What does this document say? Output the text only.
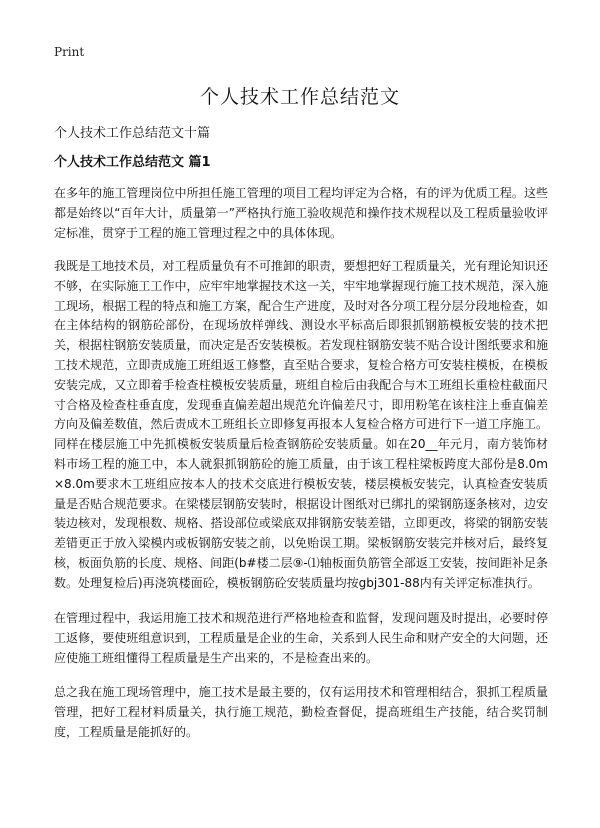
Print
个人技术工作总结范文

个人技术工作总结范文十篇

个人技术工作总结范文 篇1

在多年的施工管理岗位中所担任施工管理的项目工程均评定为合格，有的评为优质工程。这些都是始终以“百年大计，质量第一”严格执行施工验收规范和操作技术规程以及工程质量验收评定标准，贯穿于工程的施工管理过程之中的具体体现。

我既是工地技术员，对工程质量负有不可推卸的职责，要想把好工程质量关，光有理论知识还不够，在实际施工工作中，应牢牢地掌握技术这一关，牢牢地掌握现行施工技术规范，深入施工现场，根据工程的特点和施工方案，配合生产进度，及时对各分项工程分层分段地检查，如在主体结构的钢筋砼部份，在现场放样弹线、测设水平标高后即狠抓钢筋模板安装的技术把关，根据柱钢筋安装质量，而决定是否安装模板。若发现柱钢筋安装不贴合设计图纸要求和施工技术规范，立即责成施工班组返工修整，直至贴合要求，复检合格方可安装柱模板，在模板安装完成，又立即着手检查柱模板安装质量，班组自检后由我配合与木工班组长重检柱截面尺寸合格及检查柱垂直度，发现垂直偏差超出规范允许偏差尺寸，即用粉笔在该柱注上垂直偏差方向及偏差数值，然后责成木工班组长立即修复再报本人复检合格方可进行下一道工序施工。同样在楼层施工中先抓模板安装质量后检查钢筋砼安装质量。如在20__年元月，南方装饰材料市场工程的施工中，本人就狠抓钢筋砼的施工质量，由于该工程柱梁板跨度大部份是8.0m×8.0m要求木工班组应按本人的技术交底进行模板安装，楼层模板安装完，认真检查安装质量是否贴合规范要求。在梁楼层钢筋安装时，根据设计图纸对已绑扎的梁钢筋逐条核对，边安装边核对，发现根数、规格、搭设部位或梁底双排钢筋安装差错，立即更改，将梁的钢筋安装差错更正于放入梁模内或板钢筋安装之前，以免贻误工期。梁板钢筋安装完并核对后，最终复核，板面负筋的长度、规格、间距(b#楼二层⑨-⑴轴板面负筋管全部返工安装，按间距补足条数。处理复检后)再浇筑楼面砼，模板钢筋砼安装质量均按gbj301-88内有关评定标准执行。

在管理过程中，我运用施工技术和规范进行严格地检查和监督，发现问题及时提出，必要时停工返修，要使班组意识到，工程质量是企业的生命，关系到人民生命和财产安全的大问题，还应使施工班组懂得工程质量是生产出来的，不是检查出来的。

总之我在施工现场管理中，施工技术是最主要的，仅有运用技术和管理相结合，狠抓工程质量管理，把好工程材料质量关，执行施工规范，勤检查督促，提高班组生产技能，结合奖罚制度，工程质量是能抓好的。
